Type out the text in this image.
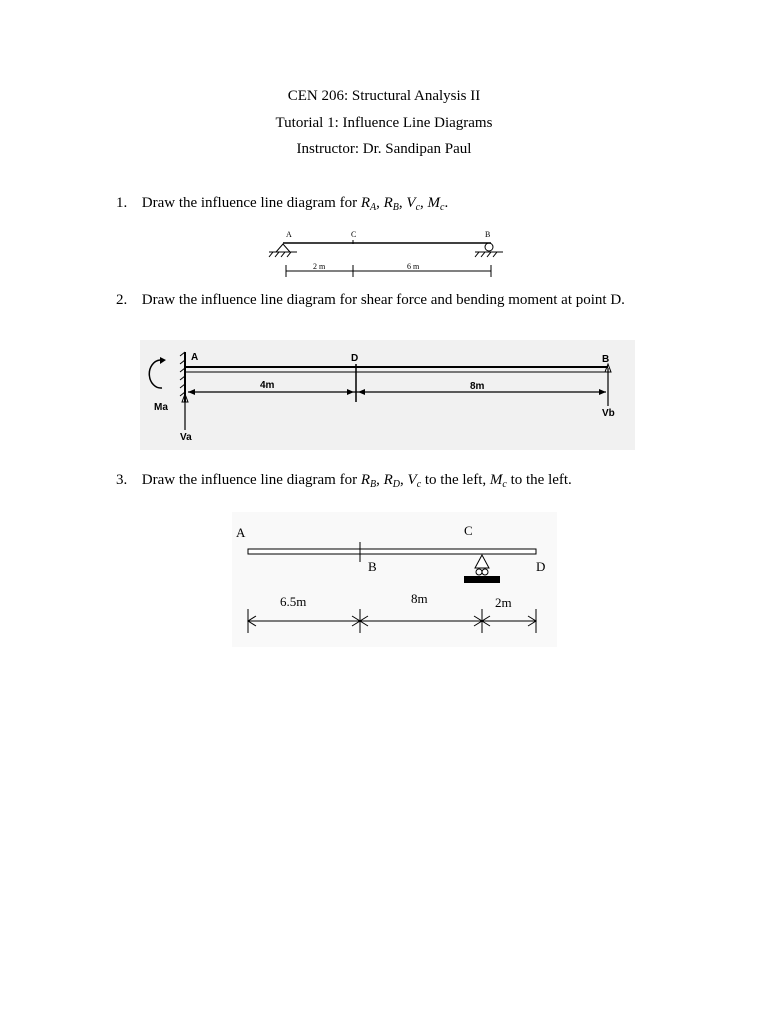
CEN 206: Structural Analysis II
Tutorial 1: Influence Line Diagrams
Instructor: Dr. Sandipan Paul
1. Draw the influence line diagram for $R_A$, $R_B$, $V_c$, $M_c$.
A	C	B
2 m	6 m
2. Draw the influence line diagram for shear force and bending moment at point D.
A	D	B
4m	8m
Ma
Va
Vb
3. Draw the influence line diagram for $R_B$, $R_D$, $V_c$ to the left, $M_c$ to the left.
A	C
B	D
6.5m	8m	2m
